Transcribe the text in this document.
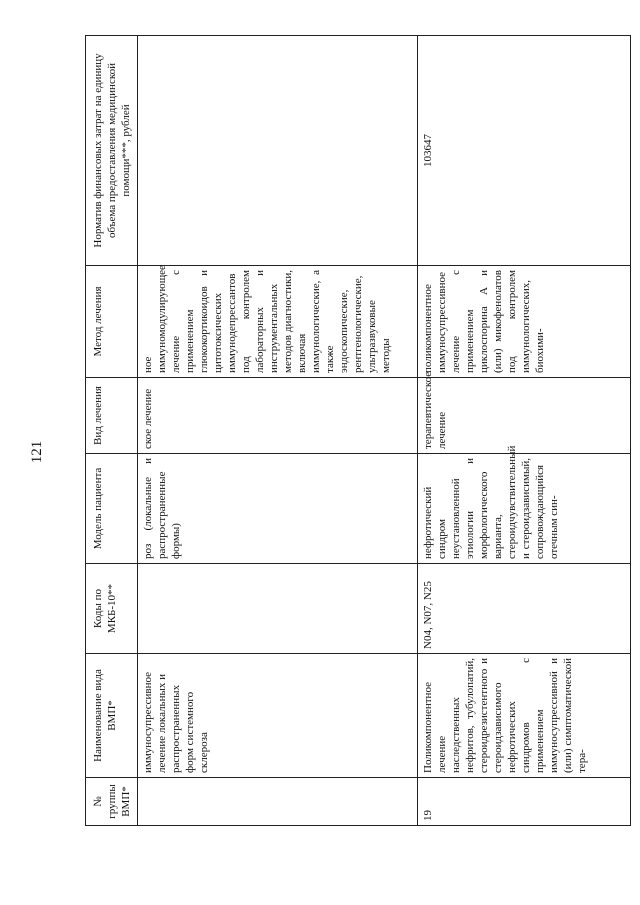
121
№ группы ВМП*	Наименование вида ВМП*	Коды по МКБ-10**	Модель пациента	Вид лечения	Метод лечения	Норматив финансовых затрат на единицу объема предоставления медицинской помощи***, рублей
	иммуносупрессивное лечение локальных и распространенных форм системного склероза		роз (локальные и распространенные формы)	ское лечение	ное иммуномодулирующее лечение с применением глюкокортикоидов и цитотоксических иммунодепрессантов под контролем лабораторных и инструментальных методов диагностики, включая иммунологические, а также эндоскопические, рентгенологические, ультразвуковые методы	
19	Поликомпонентное лечение наследственных нефритов, тубулопатий, стероидрезистентного и стероидзависимого нефротических синдромов с применением иммуносупрессивной и (или) симптоматической тера-	N04, N07, N25	нефротический синдром неустановленной этиологии и морфологического варианта, стероидчувствительный и стероидзависимый, сопровождающийся отечным син-	терапевтическое лечение	поликомпонентное иммуносупрессивное лечение с применением циклоспорина А и (или) микофенолатов под контролем иммунологических, биохими-	103647
